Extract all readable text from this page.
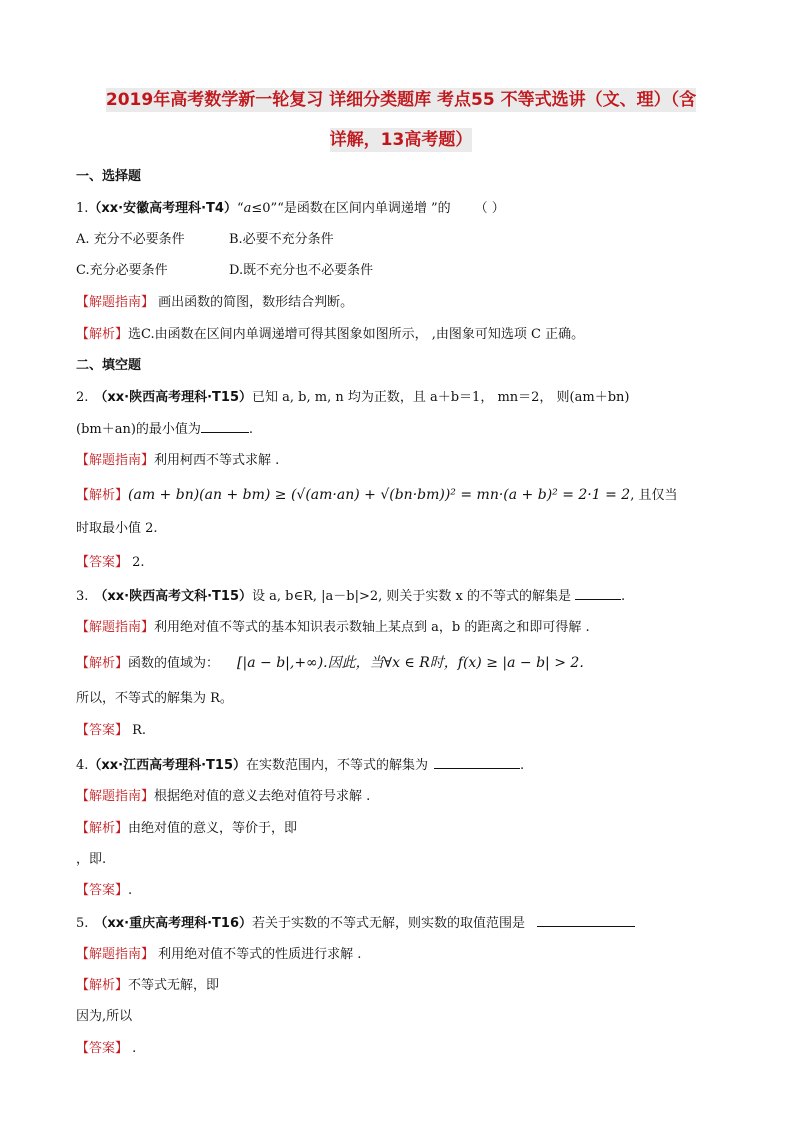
2019年高考数学新一轮复习 详细分类题库 考点55 不等式选讲（文、理）（含
详解，13高考题）
一、选择题
1.（xx·安徽高考理科·T4）“a≤0”“是函数在区间内单调递增 ”的 （ ）
A. 充分不必要条件	B.必要不充分条件
C.充分必要条件	D.既不充分也不必要条件
【解题指南】 画出函数的简图，数形结合判断。
【解析】选C.由函数在区间内单调递增可得其图象如图所示， ,由图象可知选项 C 正确。
二、填空题
2. （xx·陕西高考理科·T15）已知 a, b, m, n 均为正数，且 a＋b＝1， mn＝2， 则(am＋bn)
(bm＋an)的最小值为	.
【解题指南】利用柯西不等式求解 .
【解析】(am + bn)(an + bm) ≥ (√(am·an) + √(bn·bm))² = mn·(a + b)² = 2·1 = 2, 且仅当
时取最小值 2.
【答案】 2.
3. （xx·陕西高考文科·T15）设 a, b∈R, |a－b|>2, 则关于实数 x 的不等式的解集是	.
【解题指南】利用绝对值不等式的基本知识表示数轴上某点到 a，b 的距离之和即可得解 .
【解析】函数的值域为： [|a − b|,+∞).因此，当∀x ∈ R时，f(x) ≥ |a − b| > 2.
所以，不等式的解集为 R。
【答案】 R.
4.（xx·江西高考理科·T15）在实数范围内，不等式的解集为	.
【解题指南】根据绝对值的意义去绝对值符号求解 .
【解析】由绝对值的意义，等价于，即
，即.
【答案】.
5. （xx·重庆高考理科·T16）若关于实数的不等式无解，则实数的取值范围是
【解题指南】 利用绝对值不等式的性质进行求解 .
【解析】不等式无解，即
因为,所以
【答案】 .
